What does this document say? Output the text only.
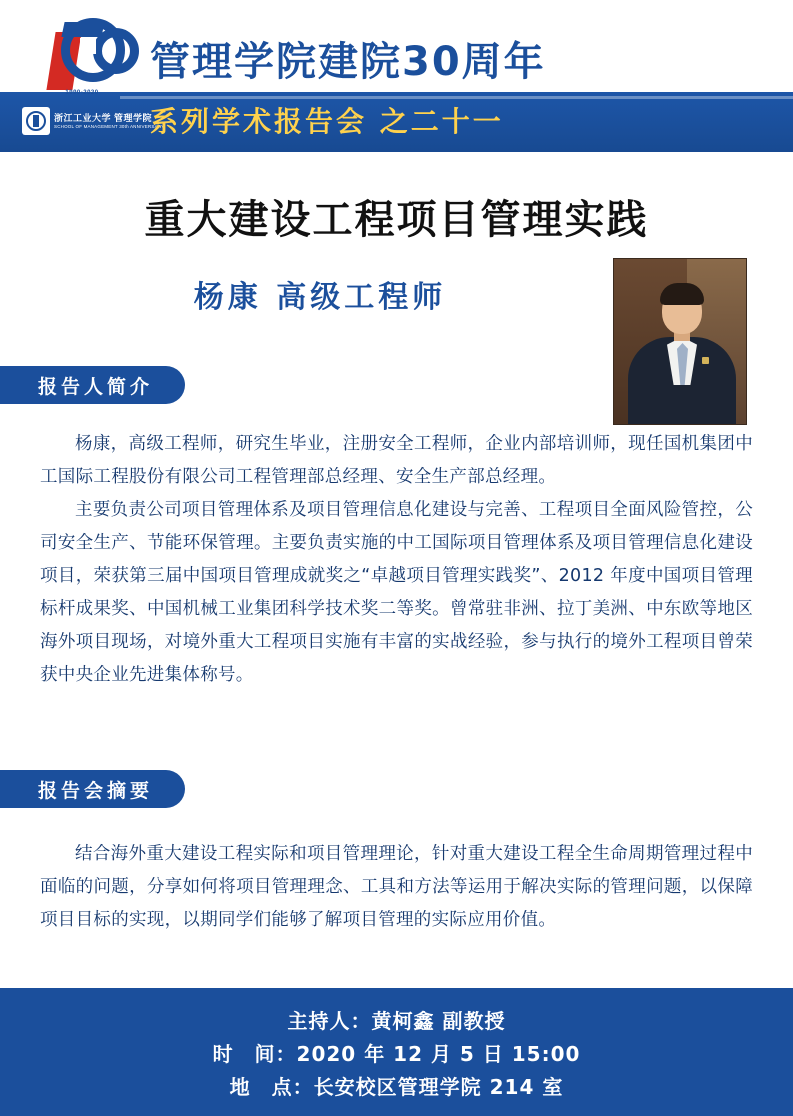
1990-2020
浙江工业大学 管理学院
SCHOOL OF MANAGEMENT 30th ANNIVERSARY
管理学院建院30周年
系列学术报告会 之二十一
重大建设工程项目管理实践
杨康 高级工程师
报告人简介

杨康，高级工程师，研究生毕业，注册安全工程师，企业内部培训师，现任国机集团中工国际工程股份有限公司工程管理部总经理、安全生产部总经理。

主要负责公司项目管理体系及项目管理信息化建设与完善、工程项目全面风险管控，公司安全生产、节能环保管理。主要负责实施的中工国际项目管理体系及项目管理信息化建设项目，荣获第三届中国项目管理成就奖之“卓越项目管理实践奖”、2012 年度中国项目管理标杆成果奖、中国机械工业集团科学技术奖二等奖。曾常驻非洲、拉丁美洲、中东欧等地区海外项目现场，对境外重大工程项目实施有丰富的实战经验，参与执行的境外工程项目曾荣获中央企业先进集体称号。

报告会摘要

结合海外重大建设工程实际和项目管理理论，针对重大建设工程全生命周期管理过程中面临的问题，分享如何将项目管理理念、工具和方法等运用于解决实际的管理问题，以保障项目目标的实现，以期同学们能够了解项目管理的实际应用价值。

主持人：黄柯鑫 副教授
时　间：2020 年 12 月 5 日 15:00
地　点：长安校区管理学院 214 室
